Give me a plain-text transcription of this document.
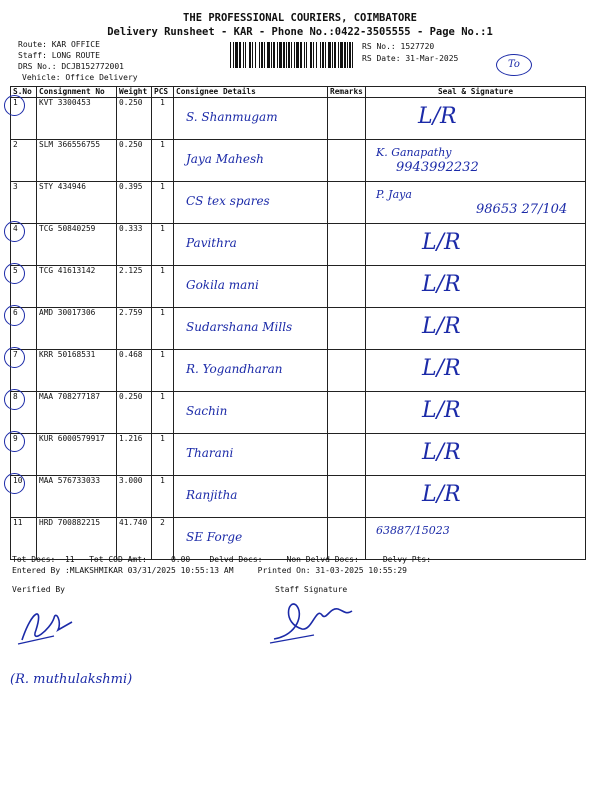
THE PROFESSIONAL COURIERS, COIMBATORE
Delivery Runsheet - KAR - Phone No.:0422-3505555 - Page No.:1
Route: KAR OFFICE
Staff: LONG ROUTE
DRS No.: DCJB152772001
Vehicle: Office Delivery
RS No.: 1527720
RS Date: 31-Mar-2025
To
S.No	Consignment No	Weight	PCS	Consignee Details	Remarks	Seal & Signature
1	KVT 3300453	0.250	1	S. Shanmugam		L/R

2	SLM 366556755	0.250	1	Jaya Mahesh		K. Ganapathy
9943992232

3	STY 434946	0.395	1	CS tex spares		P. Jaya
98653 27/104

4	TCG 50840259	0.333	1	Pavithra		L/R

5	TCG 41613142	2.125	1	Gokila mani		L/R

6	AMD 30017306	2.759	1	Sudarshana Mills		L/R

7	KRR 50168531	0.468	1	R. Yogandharan		L/R

8	MAA 708277187	0.250	1	Sachin		L/R

9	KUR 6000579917	1.216	1	Tharani		L/R

10	MAA 576733033	3.000	1	Ranjitha		L/R

11	HRD 700882215	41.740	2	SE Forge		63887/15023
Tot Docs:  11   Tot COD Amt:     0.00    Delvd Docs:     Non Delvd Docs:     Delvy Pts:
Entered By :MLAKSHMIKAR 03/31/2025 10:55:13 AM     Printed On: 31-03-2025 10:55:29
Verified By	Staff Signature
(R. muthulakshmi)
